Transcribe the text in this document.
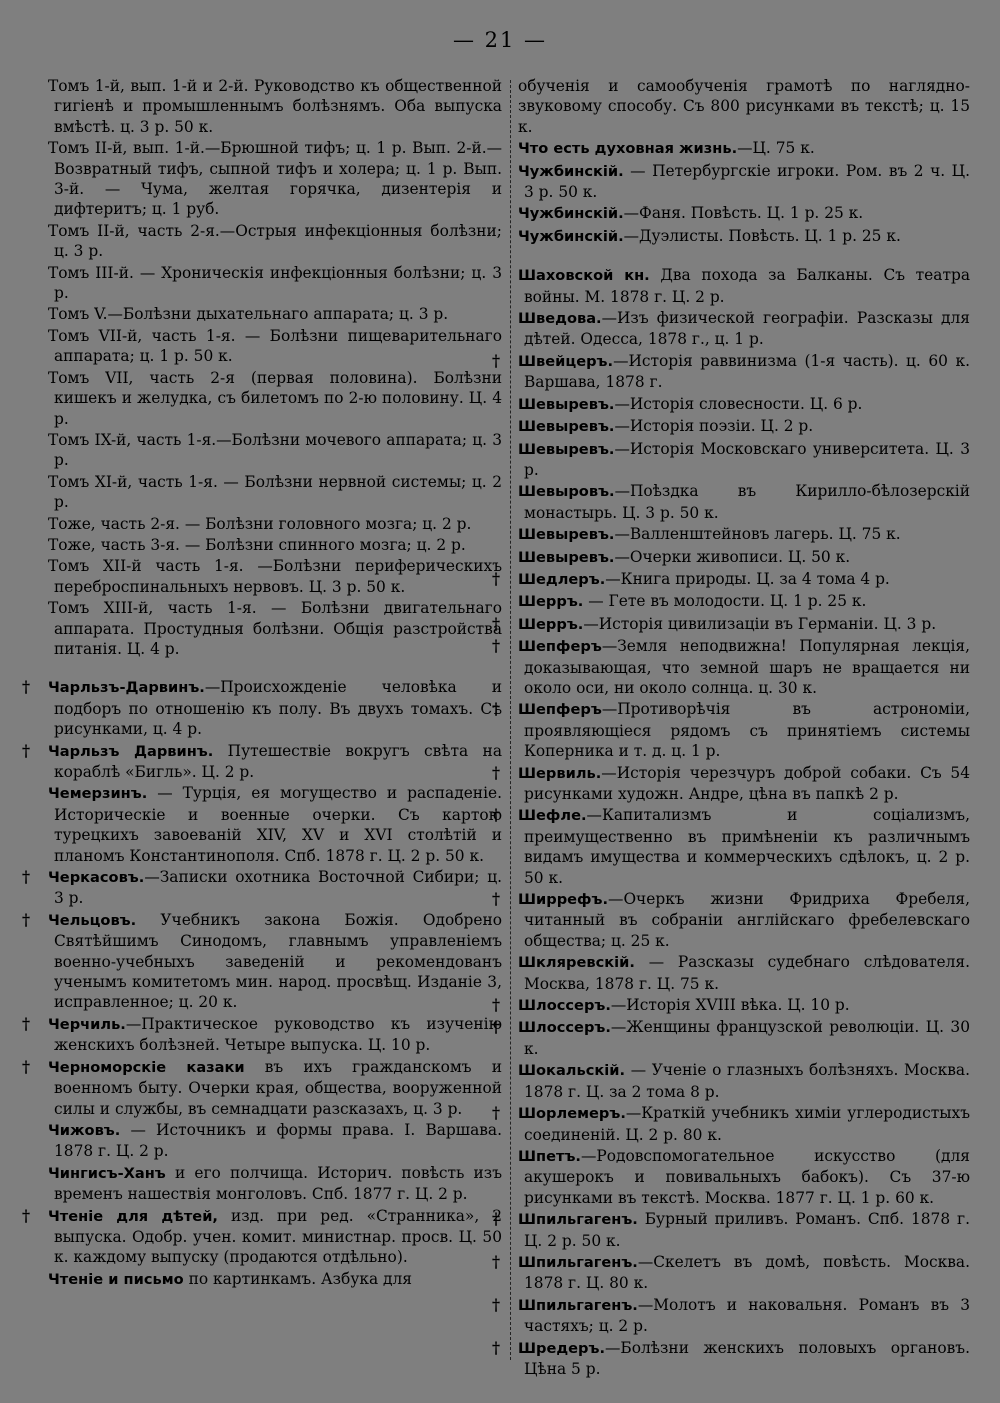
— 21 —
Томъ 1-й, вып. 1-й и 2-й. Руководство къ общественной гигіенѣ и промышленнымъ болѣзнямъ. Оба выпуска вмѣстѣ. ц. 3 р. 50 к.
Томъ II-й, вып. 1-й.—Брюшной тифъ; ц. 1 р. Вып. 2-й.—Возвратный тифъ, сыпной тифъ и холера; ц. 1 р. Вып. 3-й. — Чума, желтая горячка, дизентерія и дифтеритъ; ц. 1 руб.
Томъ II-й, часть 2-я.—Острыя инфекціонныя болѣзни; ц. 3 р.
Томъ III-й. — Хроническія инфекціонныя болѣзни; ц. 3 р.
Томъ V.—Болѣзни дыхательнаго аппарата; ц. 3 р.
Томъ VII-й, часть 1-я. — Болѣзни пищеварительнаго аппарата; ц. 1 р. 50 к.
Томъ VII, часть 2-я (первая половина). Болѣзни кишекъ и желудка, съ билетомъ по 2-ю половину. Ц. 4 р.
Томъ IX-й, часть 1-я.—Болѣзни мочевого аппарата; ц. 3 р.
Томъ XI-й, часть 1-я. — Болѣзни нервной системы; ц. 2 р.
Тоже, часть 2-я. — Болѣзни головного мозга; ц. 2 р.
Тоже, часть 3-я. — Болѣзни спинного мозга; ц. 2 р.
Томъ XII-й часть 1-я. —Болѣзни периферическихъ переброспинальныхъ нервовъ. Ц. 3 р. 50 к.
Томъ XIII-й, часть 1-я. — Болѣзни двигательнаго аппарата. Простудныя болѣзни. Общія разстройства питанія. Ц. 4 р.
† Чарльзъ-Дарвинъ.—Происхожденіе человѣка и подборъ по отношенію къ полу. Въ двухъ томахъ. Съ рисунками, ц. 4 р.
† Чарльзъ Дарвинъ. Путешествіе вокругъ свѣта на кораблѣ «Бигль». Ц. 2 р.
Чемерзинъ. — Турція, ея могущество и распаденіе. Историческіе и военные очерки. Съ картою турецкихъ завоеваній XIV, XV и XVI столѣтій и планомъ Константинополя. Спб. 1878 г. Ц. 2 р. 50 к.
† Черкасовъ.—Записки охотника Восточной Сибири; ц. 3 р.
† Чельцовъ. Учебникъ закона Божія. Одобрено Святѣйшимъ Синодомъ, главнымъ управленіемъ военно-учебныхъ заведеній и рекомендованъ ученымъ комитетомъ мин. народ. просвѣщ. Изданіе 3, исправленное; ц. 20 к.
† Черчиль.—Практическое руководство къ изученію женскихъ болѣзней. Четыре выпуска. Ц. 10 р.
† Черноморскіе казаки въ ихъ гражданскомъ и военномъ быту. Очерки края, общества, вооруженной силы и службы, въ семнадцати разсказахъ, ц. 3 р.
Чижовъ. — Источникъ и формы права. I. Варшава. 1878 г. Ц. 2 р.
Чингисъ-Ханъ и его полчища. Историч. повѣсть изъ временъ нашествія монголовъ. Спб. 1877 г. Ц. 2 р.
† Чтеніе для дѣтей, изд. при ред. «Странника», 2 выпуска. Одобр. учен. комит. министнар. просв. Ц. 50 к. каждому выпуску (продаются отдѣльно).
Чтеніе и письмо по картинкамъ. Азбука для
обученія и самообученія грамотѣ по наглядно-звуковому способу. Съ 800 рисунками въ текстѣ; ц. 15 к.
Что есть духовная жизнь.—Ц. 75 к.
Чужбинскій. — Петербургскіе игроки. Ром. въ 2 ч. Ц. 3 р. 50 к.
Чужбинскій.—Фаня. Повѣсть. Ц. 1 р. 25 к.
Чужбинскій.—Дуэлисты. Повѣсть. Ц. 1 р. 25 к.
Шаховской кн. Два похода за Балканы. Съ театра войны. М. 1878 г. Ц. 2 р.
Шведова.—Изъ физической географіи. Разсказы для дѣтей. Одесса, 1878 г., ц. 1 р.
† Швейцеръ.—Исторія раввинизма (1-я часть). ц. 60 к. Варшава, 1878 г.
Шевыревъ.—Исторія словесности. Ц. 6 р.
Шевыревъ.—Исторія поэзіи. Ц. 2 р.
Шевыревъ.—Исторія Московскаго университета. Ц. 3 р.
Шевыровъ.—Поѣздка въ Кирилло-бѣлозерскій монастырь. Ц. 3 р. 50 к.
Шевыревъ.—Валленштейновъ лагерь. Ц. 75 к.
Шевыревъ.—Очерки живописи. Ц. 50 к.
† Шедлеръ.—Книга природы. Ц. за 4 тома 4 р.
Шерръ. — Гете въ молодости. Ц. 1 р. 25 к.
† Шерръ.—Исторія цивилизаціи въ Германіи. Ц. 3 р.
† Шепферъ—Земля неподвижна! Популярная лекція, доказывающая, что земной шаръ не вращается ни около оси, ни около солнца. ц. 30 к.
† Шепферъ—Противорѣчія въ астрономіи, проявляющіеся рядомъ съ принятіемъ системы Коперника и т. д. ц. 1 р.
† Шервиль.—Исторія черезчуръ доброй собаки. Съ 54 рисунками художн. Андре, цѣна въ папкѣ 2 р.
† Шефле.—Капитализмъ и соціализмъ, преимущественно въ примѣненіи къ различнымъ видамъ имущества и коммерческихъ сдѣлокъ, ц. 2 р. 50 к.
† Ширрефъ.—Очеркъ жизни Фридриха Фребеля, читанный въ собраніи англійскаго фребелевскаго общества; ц. 25 к.
Шкляревскій. — Разсказы судебнаго слѣдователя. Москва, 1878 г. Ц. 75 к.
† Шлоссеръ.—Исторія XVIII вѣка. Ц. 10 р.
† Шлоссеръ.—Женщины французской революціи. Ц. 30 к.
Шокальскій. — Ученіе о глазныхъ болѣзняхъ. Москва. 1878 г. Ц. за 2 тома 8 р.
† Шорлемеръ.—Краткій учебникъ химіи углеродистыхъ соединеній. Ц. 2 р. 80 к.
Шпетъ.—Родовспомогательное искусство (для акушерокъ и повивальныхъ бабокъ). Съ 37-ю рисунками въ текстѣ. Москва. 1877 г. Ц. 1 р. 60 к.
† Шпильгагенъ. Бурный приливъ. Романъ. Спб. 1878 г. Ц. 2 р. 50 к.
† Шпильгагенъ.—Скелетъ въ домѣ, повѣсть. Москва. 1878 г. Ц. 80 к.
† Шпильгагенъ.—Молотъ и наковальня. Романъ въ 3 частяхъ; ц. 2 р.
† Шредеръ.—Болѣзни женскихъ половыхъ органовъ. Цѣна 5 р.
